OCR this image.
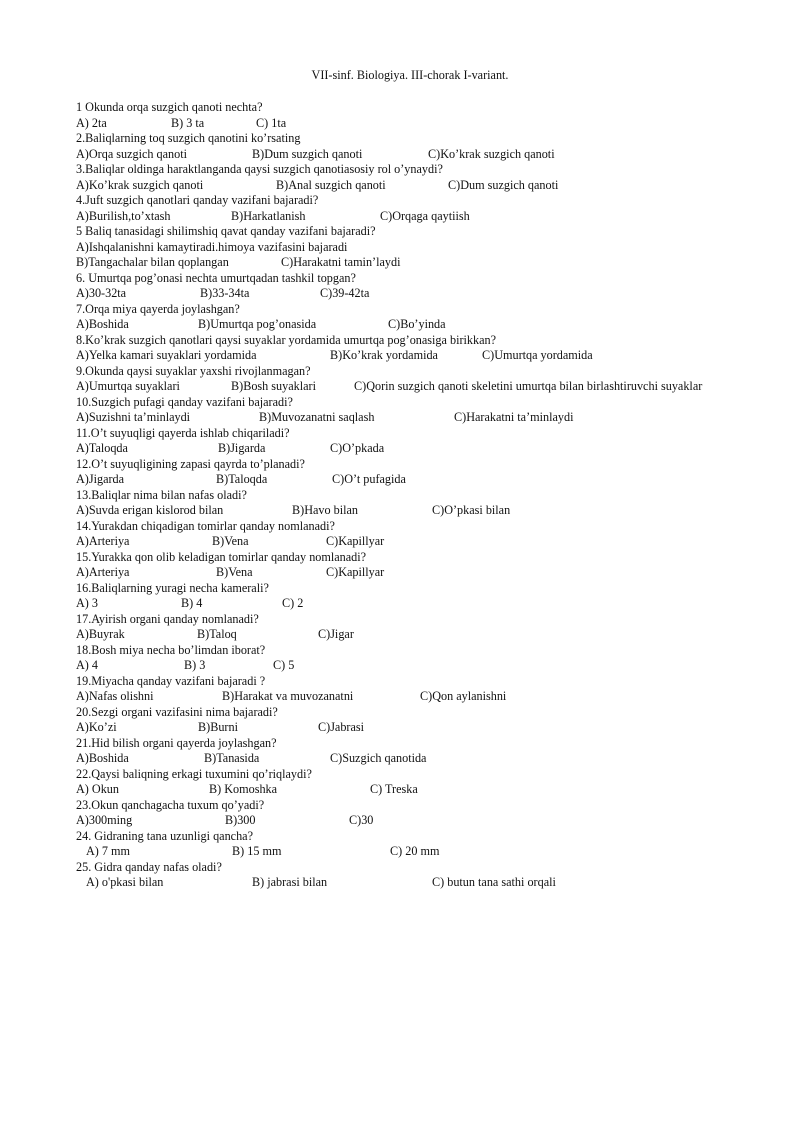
VII-sinf. Biologiya. III-chorak I-variant.
1 Okunda orqa suzgich qanoti nechta?
A) 2ta	B) 3 ta	C) 1ta
2.Baliqlarning toq suzgich qanotini ko’rsating
A)Orqa suzgich qanoti	B)Dum suzgich qanoti	C)Ko’krak suzgich qanoti
3.Baliqlar oldinga haraktlanganda qaysi suzgich qanotiasosiy rol o’ynaydi?
A)Ko’krak suzgich qanoti	B)Anal suzgich qanoti	C)Dum suzgich qanoti
4.Juft suzgich qanotlari qanday vazifani bajaradi?
A)Burilish,to’xtash	B)Harkatlanish	C)Orqaga qaytiish
5 Baliq tanasidagi shilimshiq qavat qanday vazifani bajaradi?
A)Ishqalanishni kamaytiradi.himoya vazifasini bajaradi
B)Tangachalar bilan qoplangan	C)Harakatni tamin’laydi
6. Umurtqa pog’onasi nechta umurtqadan tashkil topgan?
A)30-32ta	B)33-34ta	C)39-42ta
7.Orqa miya qayerda joylashgan?
A)Boshida	B)Umurtqa pog’onasida	C)Bo’yinda
8.Ko’krak suzgich qanotlari qaysi suyaklar yordamida umurtqa pog’onasiga birikkan?
A)Yelka kamari suyaklari yordamida	B)Ko’krak yordamida	C)Umurtqa yordamida
9.Okunda qaysi suyaklar yaxshi rivojlanmagan?
A)Umurtqa suyaklari	B)Bosh suyaklari	C)Qorin suzgich qanoti skeletini umurtqa bilan birlashtiruvchi suyaklar
10.Suzgich pufagi qanday vazifani bajaradi?
A)Suzishni ta’minlaydi	B)Muvozanatni saqlash	C)Harakatni ta’minlaydi
11.O’t suyuqligi qayerda ishlab chiqariladi?
A)Taloqda	B)Jigarda	C)O’pkada
12.O’t suyuqligining zapasi qayrda to’planadi?
A)Jigarda	B)Taloqda	C)O’t pufagida
13.Baliqlar nima bilan nafas oladi?
A)Suvda erigan kislorod bilan	B)Havo bilan	C)O’pkasi bilan
14.Yurakdan chiqadigan tomirlar qanday nomlanadi?
A)Arteriya	B)Vena	C)Kapillyar
15.Yurakka qon olib keladigan tomirlar qanday nomlanadi?
A)Arteriya	B)Vena	C)Kapillyar
16.Baliqlarning yuragi necha kamerali?
A) 3	B) 4	C) 2
17.Ayirish organi qanday nomlanadi?
A)Buyrak	B)Taloq	C)Jigar
18.Bosh miya necha bo’limdan iborat?
A) 4	B) 3	C) 5
19.Miyacha qanday vazifani bajaradi ?
A)Nafas olishni	B)Harakat va muvozanatni	C)Qon aylanishni
20.Sezgi organi vazifasini nima bajaradi?
A)Ko’zi	B)Burni	C)Jabrasi
21.Hid bilish organi qayerda joylashgan?
A)Boshida	B)Tanasida	C)Suzgich qanotida
22.Qaysi baliqning erkagi tuxumini qo’riqlaydi?
A) Okun	B) Komoshka	C) Treska
23.Okun qanchagacha tuxum qo’yadi?
A)300ming	B)300	C)30
24. Gidraning tana uzunligi qancha?
A) 7 mm	B) 15 mm	C) 20 mm
25. Gidra qanday nafas oladi?
A) o'pkasi bilan	B) jabrasi bilan	C) butun tana sathi orqali
